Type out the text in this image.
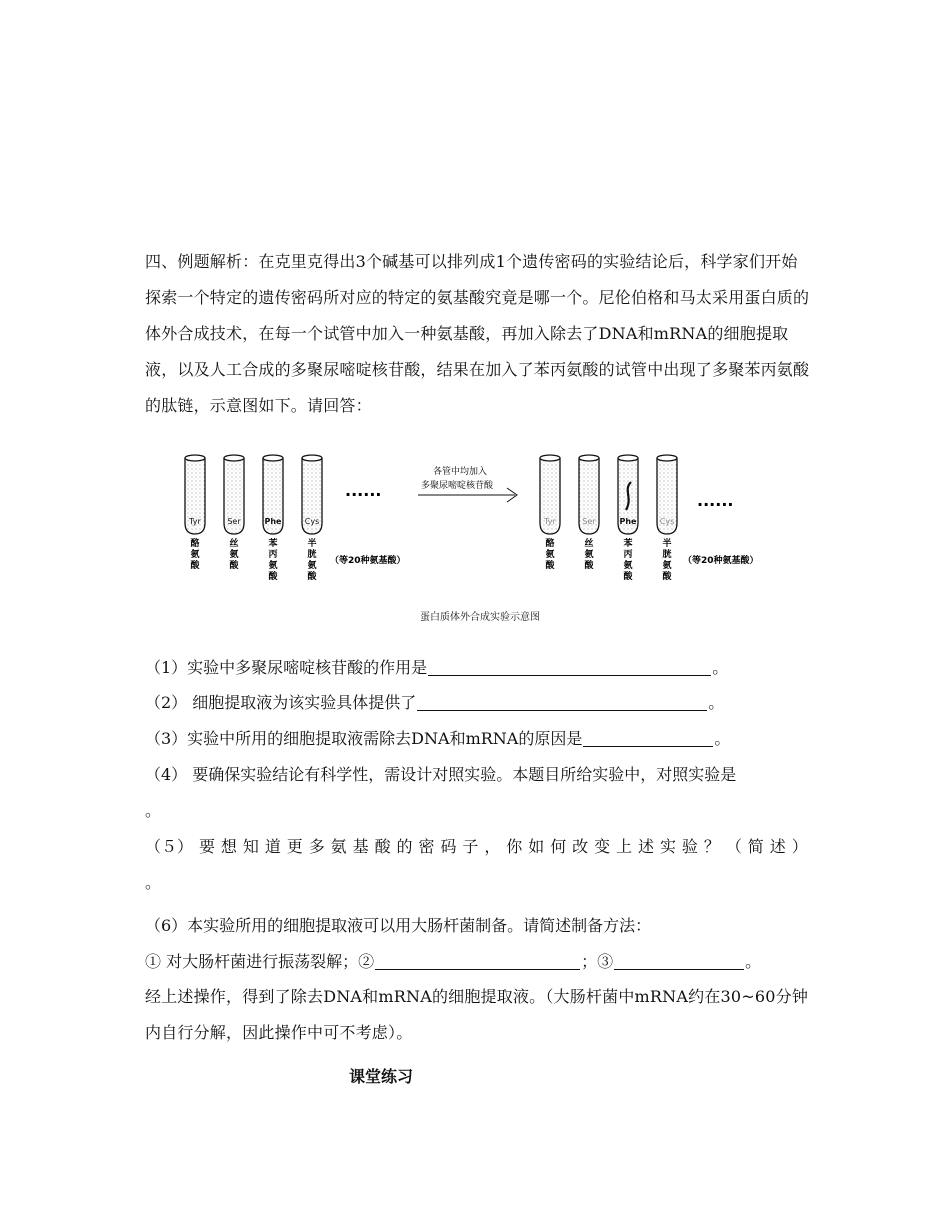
四、例题解析：在克里克得出3个碱基可以排列成1个遗传密码的实验结论后，科学家们开始探索一个特定的遗传密码所对应的特定的氨基酸究竟是哪一个。尼伦伯格和马太采用蛋白质的体外合成技术，在每一个试管中加入一种氨基酸，再加入除去了DNA和mRNA的细胞提取液，以及人工合成的多聚尿嘧啶核苷酸，结果在加入了苯丙氨酸的试管中出现了多聚苯丙氨酸的肽链，示意图如下。请回答：
Tyr
酪氨酸
Ser
丝氨酸
Phe
苯丙氨酸
Cys
半胱氨酸
Tyr
酪氨酸
Ser
丝氨酸
Phe
苯丙氨酸
Cys
半胱氨酸
······
······
（等20种氨基酸）	（等20种氨基酸）
各管中均加入
多聚尿嘧啶核苷酸
蛋白质体外合成实验示意图
（1）实验中多聚尿嘧啶核苷酸的作用是	。
（2） 细胞提取液为该实验具体提供了	。
（3）实验中所用的细胞提取液需除去DNA和mRNA的原因是	。
（4） 要确保实验结论有科学性，需设计对照实验。本题目所给实验中，对照实验是
。
（５） 要 想 知 道 更 多 氨 基 酸 的 密 码 子 ， 你 如 何 改 变 上 述 实 验 ？ （ 简 述 ）
。
（6）本实验所用的细胞提取液可以用大肠杆菌制备。请简述制备方法：
① 对大肠杆菌进行振荡裂解；②	；③	。
经上述操作，得到了除去DNA和mRNA的细胞提取液。（大肠杆菌中mRNA约在30~60分钟内自行分解，因此操作中可不考虑）。
课堂练习
